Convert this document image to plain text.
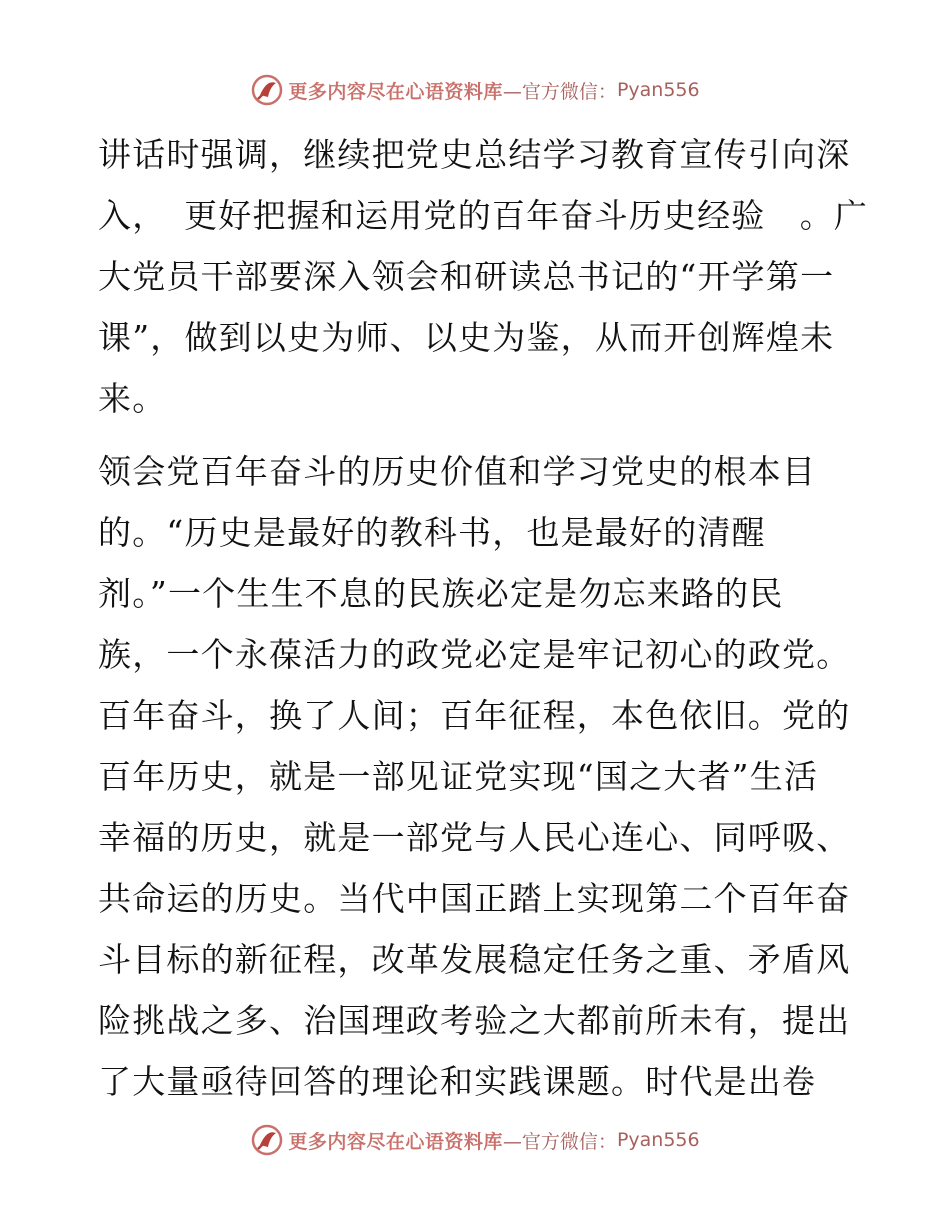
更多内容尽在心语资料库 —官方微信： Pyan556

讲话时强调，继续把党史总结学习教育宣传引向深
入，　更好把握和运用党的百年奋斗历史经验　。广
大党员干部要深入领会和研读总书记的“开学第一
课”，做到以史为师、以史为鉴，从而开创辉煌未
来。

领会党百年奋斗的历史价值和学习党史的根本目
的。“历史是最好的教科书，也是最好的清醒
剂。”一个生生不息的民族必定是勿忘来路的民
族，一个永葆活力的政党必定是牢记初心的政党。
百年奋斗，换了人间；百年征程，本色依旧。党的
百年历史，就是一部见证党实现“国之大者”生活
幸福的历史，就是一部党与人民心连心、同呼吸、
共命运的历史。当代中国正踏上实现第二个百年奋
斗目标的新征程，改革发展稳定任务之重、矛盾风
险挑战之多、治国理政考验之大都前所未有，提出
了大量亟待回答的理论和实践课题。时代是出卷

更多内容尽在心语资料库 —官方微信： Pyan556
